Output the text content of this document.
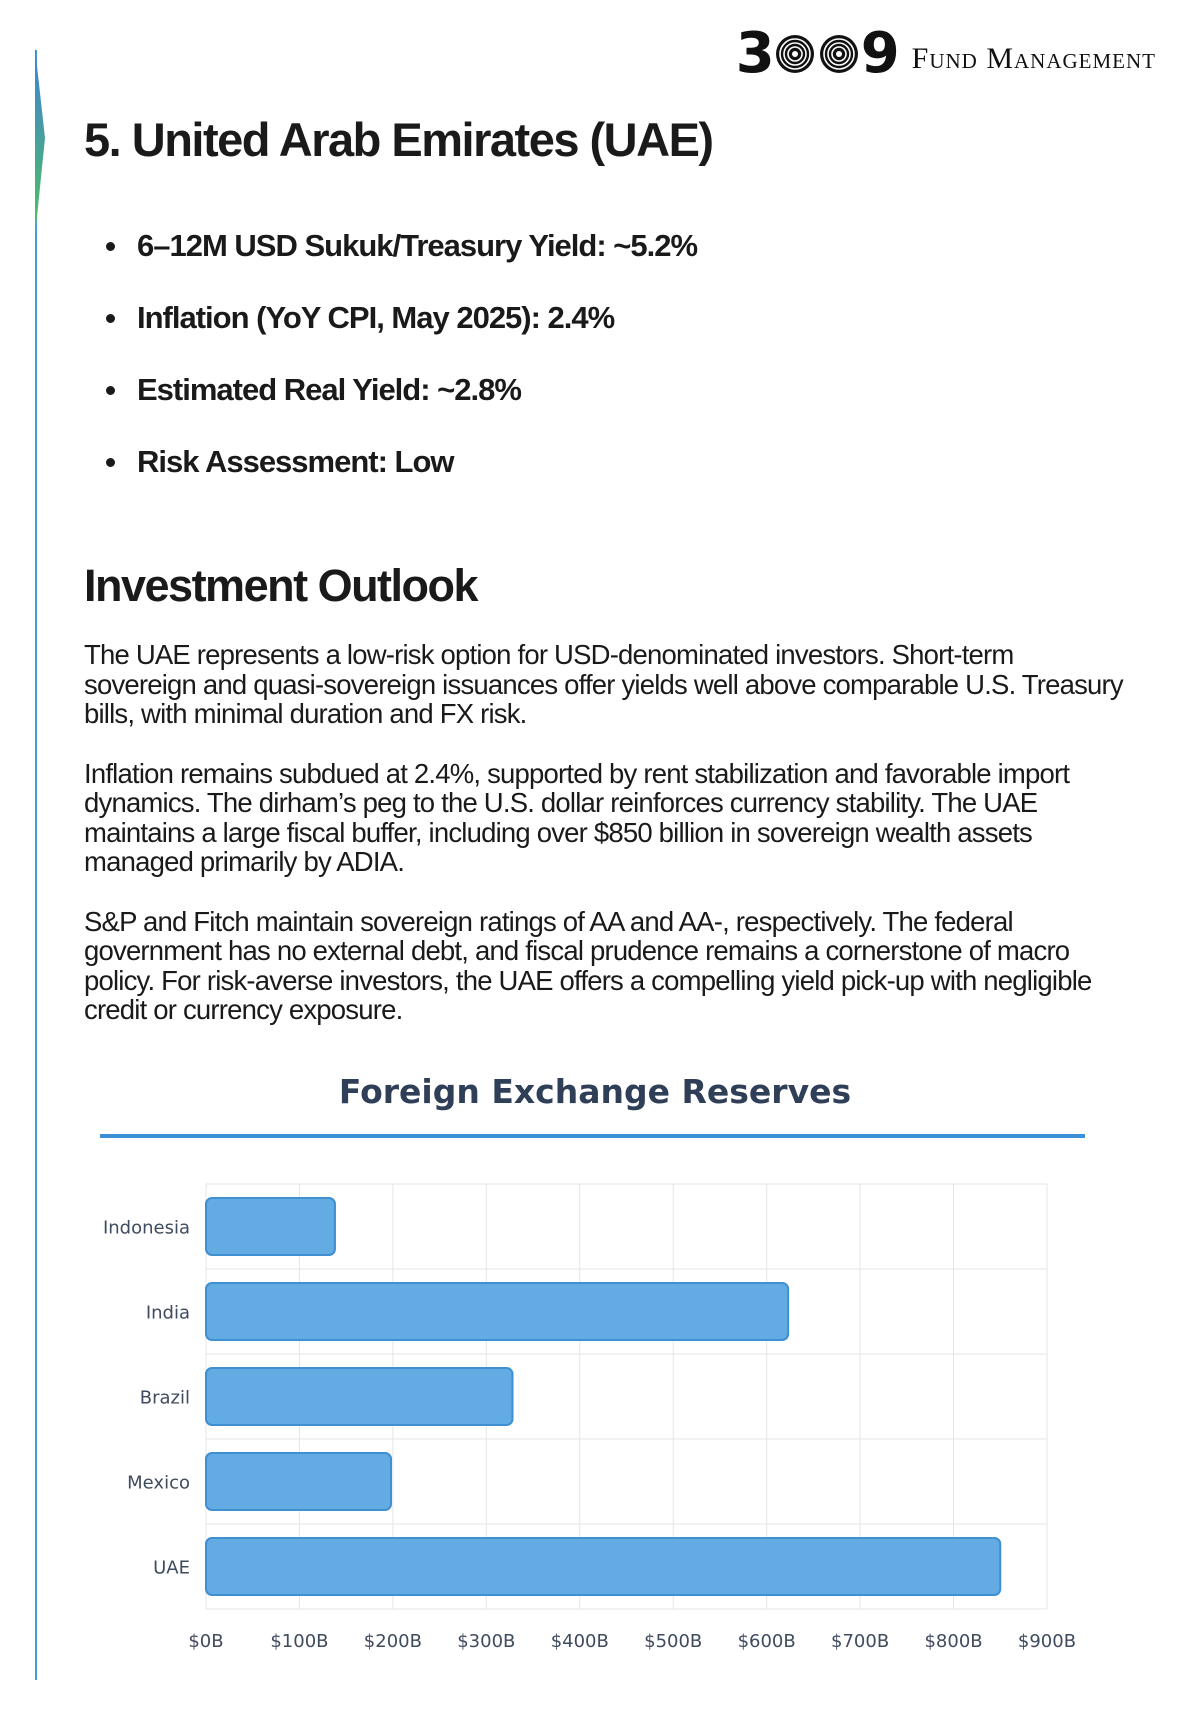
3 9 Fund Management
5. United Arab Emirates (UAE)
6–12M USD Sukuk/Treasury Yield: ~5.2%
Inflation (YoY CPI, May 2025): 2.4%
Estimated Real Yield: ~2.8%
Risk Assessment: Low
Investment Outlook

The UAE represents a low-risk option for USD-denominated investors. Short-term sovereign and quasi-sovereign issuances offer yields well above comparable U.S. Treasury bills, with minimal duration and FX risk.

Inflation remains subdued at 2.4%, supported by rent stabilization and favorable import dynamics. The dirham’s peg to the U.S. dollar reinforces currency stability. The UAE maintains a large fiscal buffer, including over $850 billion in sovereign wealth assets managed primarily by ADIA.

S&P and Fitch maintain sovereign ratings of AA and AA-, respectively. The federal government has no external debt, and fiscal prudence remains a cornerstone of macro policy. For risk-averse investors, the UAE offers a compelling yield pick-up with negligible credit or currency exposure.

Foreign Exchange Reserves
$0B	$100B $200B $300B $400B $500B $600B $700B $800B $900B
Indonesia
India
Brazil
Mexico
UAE
